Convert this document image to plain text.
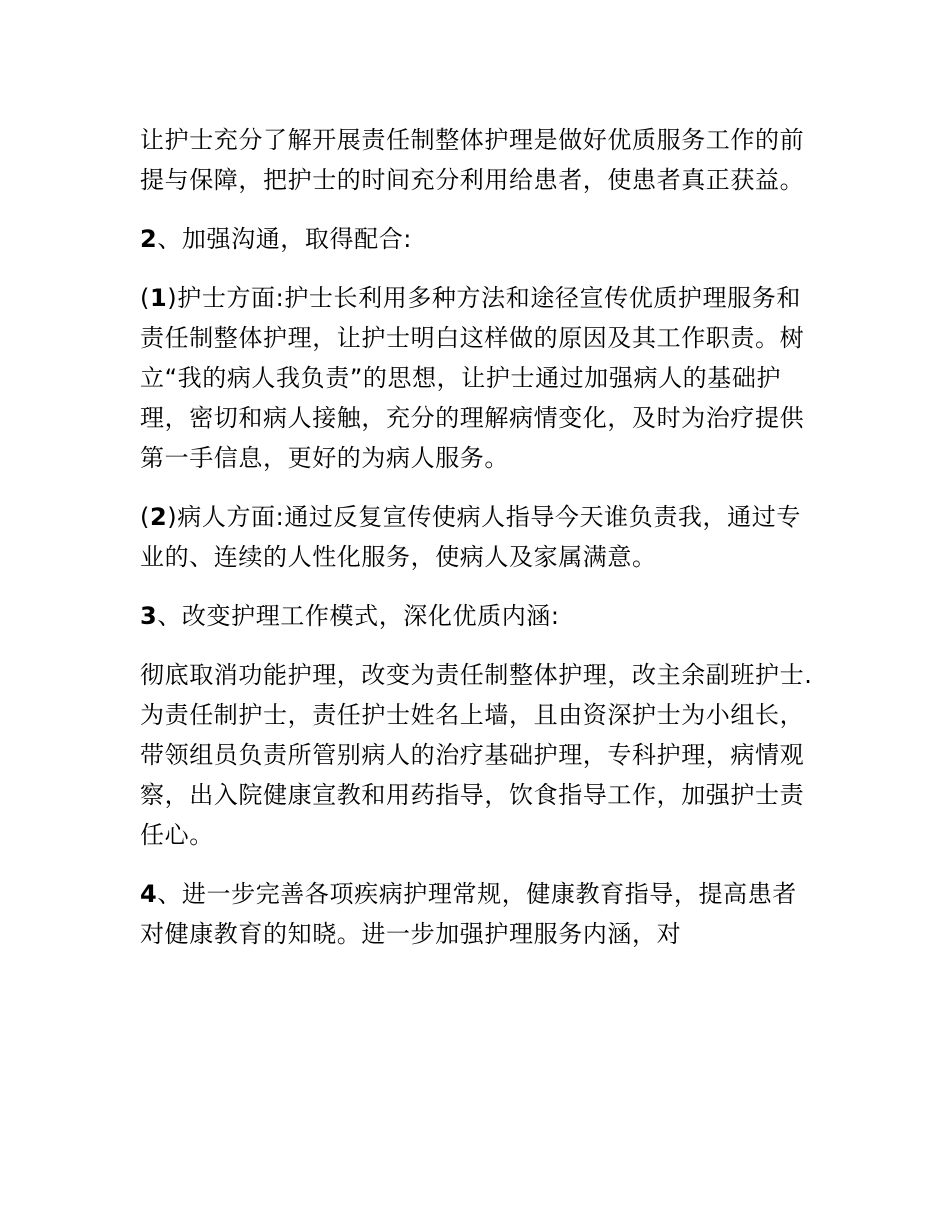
让护士充分了解开展责任制整体护理是做好优质服务工作的前提与保障，把护士的时间充分利用给患者，使患者真正获益。

2、加强沟通，取得配合:

(1)护士方面:护士长利用多种方法和途径宣传优质护理服务和责任制整体护理，让护士明白这样做的原因及其工作职责。树立“我的病人我负责”的思想，让护士通过加强病人的基础护理，密切和病人接触，充分的理解病情变化，及时为治疗提供第一手信息，更好的为病人服务。

(2)病人方面:通过反复宣传使病人指导今天谁负责我，通过专业的、连续的人性化服务，使病人及家属满意。

3、改变护理工作模式，深化优质内涵:

彻底取消功能护理，改变为责任制整体护理，改主余副班护士.为责任制护士，责任护士姓名上墙，且由资深护士为小组长，带领组员负责所管别病人的治疗基础护理，专科护理，病情观察，出入院健康宣教和用药指导，饮食指导工作，加强护士责任心。

4、进一步完善各项疾病护理常规，健康教育指导，提高患者对健康教育的知晓。进一步加强护理服务内涵，对
